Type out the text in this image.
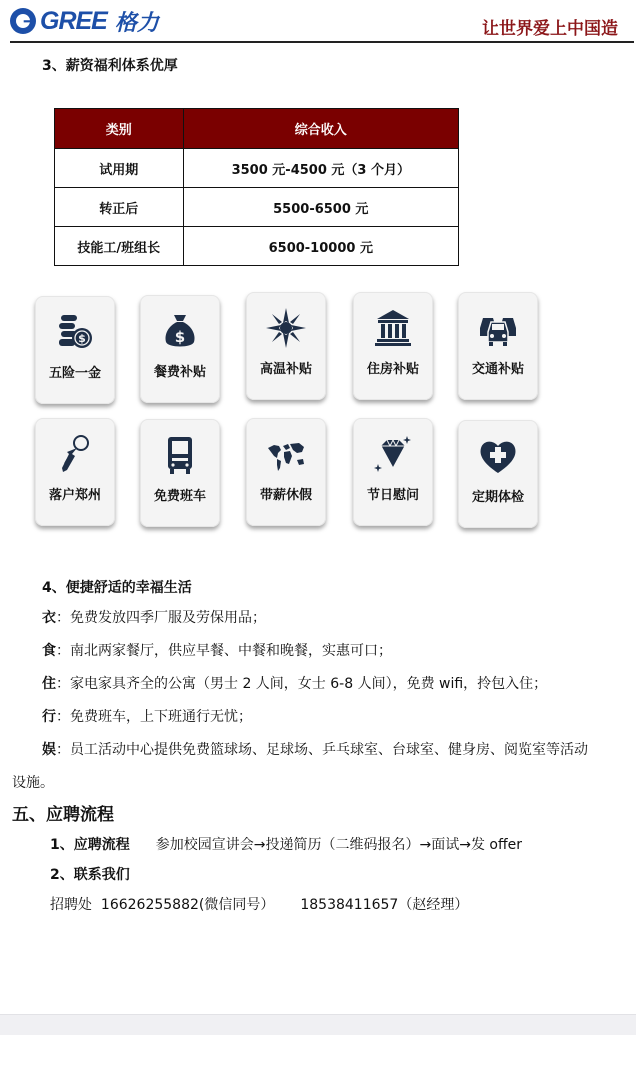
GREE 格力	让世界爱上中国造
3、薪资福利体系优厚
类别	综合收入
试用期	3500 元-4500 元（3 个月）
转正后	5500-6500 元
技能工/班组长	6500-10000 元
$
五险一金
$
餐费补贴	高温补贴	住房补贴	交通补贴
落户郑州	免费班车	带薪休假	节日慰问	定期体检
4、便捷舒适的幸福生活
衣：免费发放四季厂服及劳保用品；
食：南北两家餐厅，供应早餐、中餐和晚餐，实惠可口；
住：家电家具齐全的公寓（男士 2 人间，女士 6-8 人间），免费 wifi，拎包入住；
行：免费班车，上下班通行无忧；
娱：员工活动中心提供免费篮球场、足球场、乒乓球室、台球室、健身房、阅览室等活动
设施。
五、应聘流程
1、应聘流程 参加校园宣讲会→投递简历（二维码报名）→面试→发 offer
2、联系我们
招聘处 16626255882(微信同号） 18538411657（赵经理）
